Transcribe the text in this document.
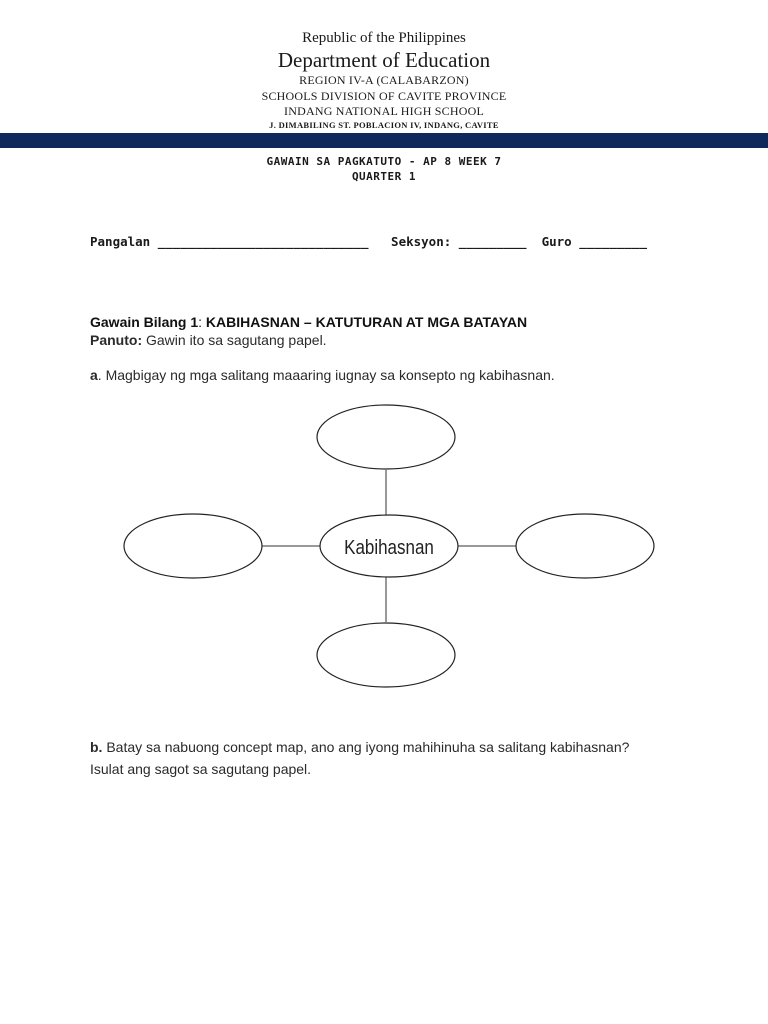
Republic of the Philippines
Department of Education
REGION IV-A (CALABARZON)
SCHOOLS DIVISION OF CAVITE PROVINCE
INDANG NATIONAL HIGH SCHOOL
J. DIMABILING ST. POBLACION IV, INDANG, CAVITE
GAWAIN SA PAGKATUTO - AP 8 WEEK 7
QUARTER 1
Pangalan ____________________________ Seksyon: _________ Guro _________
Gawain Bilang 1: KABIHASNAN – KATUTURAN AT MGA BATAYAN
Panuto: Gawin ito sa sagutang papel.
a. Magbigay ng mga salitang maaaring iugnay sa konsepto ng kabihasnan.
Kabihasnan
b. Batay sa nabuong concept map, ano ang iyong mahihinuha sa salitang kabihasnan?
Isulat ang sagot sa sagutang papel.
